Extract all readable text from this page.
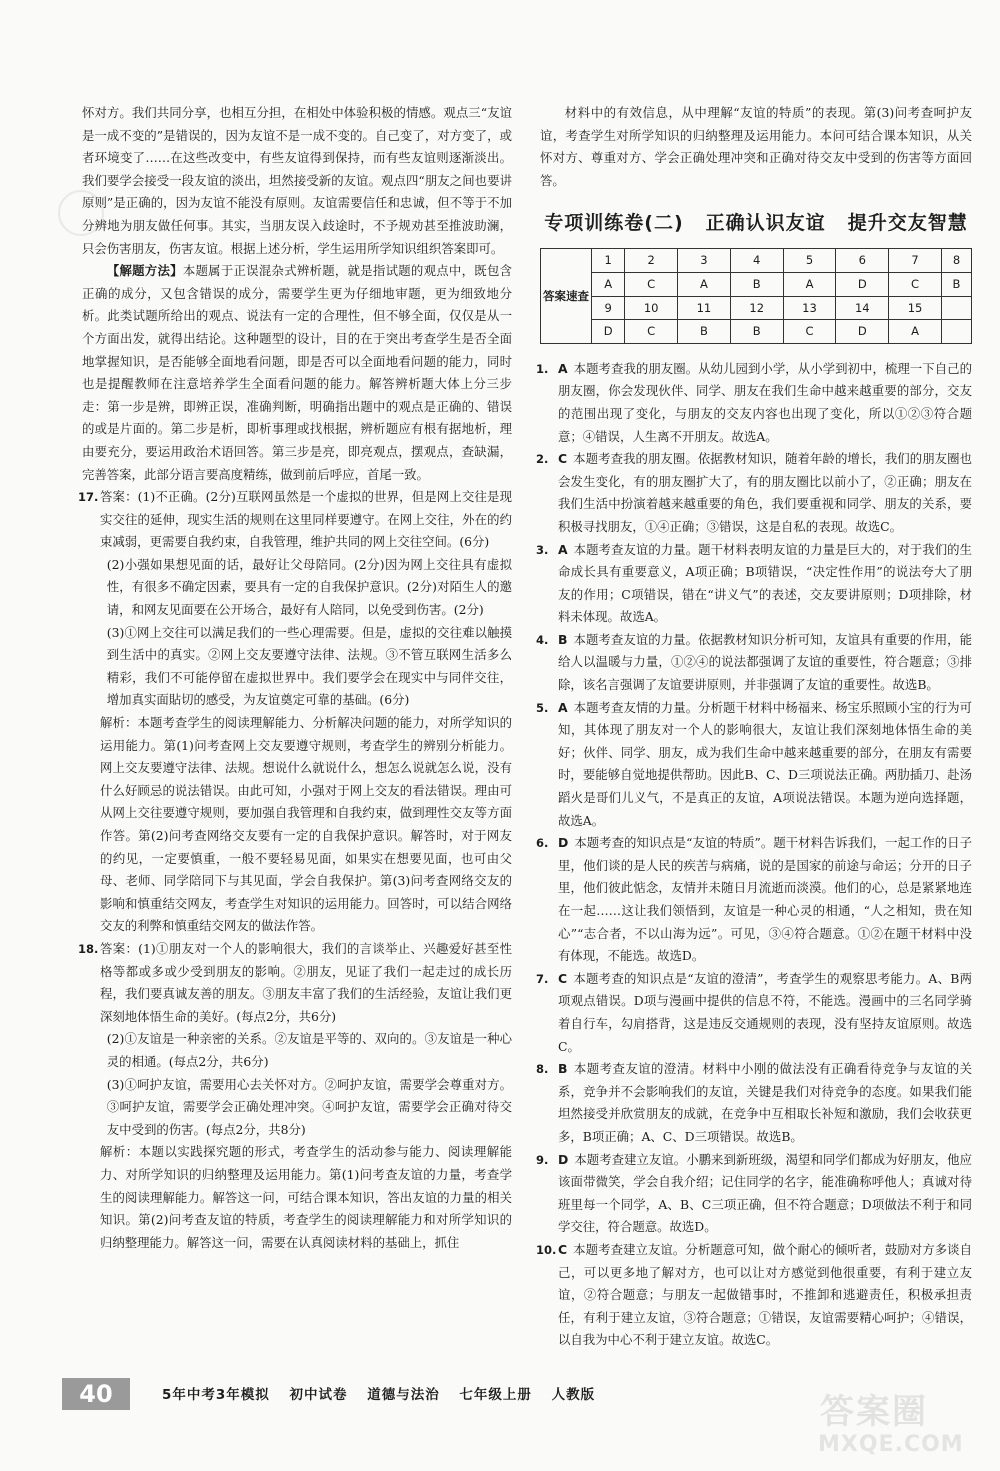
怀对方。我们共同分享，也相互分担，在相处中体验积极的情感。观点三“友谊是一成不变的”是错误的，因为友谊不是一成不变的。自己变了，对方变了，或者环境变了……在这些改变中，有些友谊得到保持，而有些友谊则逐渐淡出。我们要学会接受一段友谊的淡出，坦然接受新的友谊。观点四“朋友之间也要讲原则”是正确的，因为友谊不能没有原则。友谊需要信任和忠诚，但不等于不加分辨地为朋友做任何事。其实，当朋友误入歧途时，不予规劝甚至推波助澜，只会伤害朋友，伤害友谊。根据上述分析，学生运用所学知识组织答案即可。

【解题方法】本题属于正误混杂式辨析题，就是指试题的观点中，既包含正确的成分，又包含错误的成分，需要学生更为仔细地审题，更为细致地分析。此类试题所给出的观点、说法有一定的合理性，但不够全面，仅仅是从一个方面出发，就得出结论。这种题型的设计，目的在于突出考查学生是否全面地掌握知识，是否能够全面地看问题，即是否可以全面地看问题的能力，同时也是提醒教师在注意培养学生全面看问题的能力。解答辨析题大体上分三步走：第一步是辨，即辨正误，准确判断，明确指出题中的观点是正确的、错误的或是片面的。第二步是析，即析事理或找根据，辨析题应有根有据地析，理由要充分，要运用政治术语回答。第三步是亮，即亮观点，摆观点，查缺漏，完善答案，此部分语言要高度精练，做到前后呼应，首尾一致。

17. 答案：(1)不正确。(2分)互联网虽然是一个虚拟的世界，但是网上交往是现实交往的延伸，现实生活的规则在这里同样要遵守。在网上交往，外在的约束减弱，更需要自我约束，自我管理，维护共同的网上交往空间。(6分)

(2)小强如果想见面的话，最好让父母陪同。(2分)因为网上交往具有虚拟性，有很多不确定因素，要具有一定的自我保护意识。(2分)对陌生人的邀请，和网友见面要在公开场合，最好有人陪同，以免受到伤害。(2分)

(3)①网上交往可以满足我们的一些心理需要。但是，虚拟的交往难以触摸到生活中的真实。②网上交友要遵守法律、法规。③不管互联网生活多么精彩，我们不可能停留在虚拟世界中。我们要学会在现实中与同伴交往，增加真实面貼切的感受，为友谊奠定可靠的基础。(6分)

解析：本题考查学生的阅读理解能力、分析解决问题的能力，对所学知识的运用能力。第(1)问考查网上交友要遵守规则，考查学生的辨别分析能力。网上交友要遵守法律、法规。想说什么就说什么，想怎么说就怎么说，没有什么好顾忌的说法错误。由此可知，小强对于网上交友的看法错误。理由可从网上交往要遵守规则，要加强自我管理和自我约束，做到理性交友等方面作答。第(2)问考查网络交友要有一定的自我保护意识。解答时，对于网友的约见，一定要慎重，一般不要轻易见面，如果实在想要见面，也可由父母、老师、同学陪同下与其见面，学会自我保护。第(3)问考查网络交友的影响和慎重结交网友，考查学生对知识的运用能力。回答时，可以结合网络交友的利弊和慎重结交网友的做法作答。

18. 答案：(1)①朋友对一个人的影响很大，我们的言谈举止、兴趣爱好甚至性格等都或多或少受到朋友的影响。②朋友，见证了我们一起走过的成长历程，我们要真诚友善的朋友。③朋友丰富了我们的生活经验，友谊让我们更深刻地体悟生命的美好。(每点2分，共6分)

(2)①友谊是一种亲密的关系。②友谊是平等的、双向的。③友谊是一种心灵的相通。(每点2分，共6分)

(3)①呵护友谊，需要用心去关怀对方。②呵护友谊，需要学会尊重对方。③呵护友谊，需要学会正确处理冲突。④呵护友谊，需要学会正确对待交友中受到的伤害。(每点2分，共8分)

解析：本题以实践探究题的形式，考查学生的活动参与能力、阅读理解能力、对所学知识的归纳整理及运用能力。第(1)问考查友谊的力量，考查学生的阅读理解能力。解答这一问，可结合课本知识，答出友谊的力量的相关知识。第(2)问考查友谊的特质，考查学生的阅读理解能力和对所学知识的归纳整理能力。解答这一问，需要在认真阅读材料的基础上，抓住

材料中的有效信息，从中理解“友谊的特质”的表现。第(3)问考查呵护友谊，考查学生对所学知识的归纳整理及运用能力。本问可结合课本知识，从关怀对方、尊重对方、学会正确处理冲突和正确对待交友中受到的伤害等方面回答。

专项训练卷(二) 正确认识友谊 提升交友智慧
答案速查	1	2	3	4	5	6	7	8
	A	C	A	B	A	D	C	B
	9	10	11	12	13	14	15	
	D	C	B	B	C	D	A	

1. A 本题考查我的朋友圈。从幼儿园到小学，从小学到初中，梳理一下自己的朋友圈，你会发现伙伴、同学、朋友在我们生命中越来越重要的部分，交友的范围出现了变化，与朋友的交友内容也出现了变化，所以①②③符合题意；④错误，人生离不开朋友。故选A。

2. C 本题考查我的朋友圈。依据教材知识，随着年龄的增长，我们的朋友圈也会发生变化，有的朋友圈扩大了，有的朋友圈比以前小了，②正确；朋友在我们生活中扮演着越来越重要的角色，我们要重视和同学、朋友的关系，要积极寻找朋友，①④正确；③错误，这是自私的表现。故选C。

3. A 本题考查友谊的力量。题干材料表明友谊的力量是巨大的，对于我们的生命成长具有重要意义，A项正确；B项错误，“决定性作用”的说法夸大了朋友的作用；C项错误，错在“讲义气”的表述，交友要讲原则；D项排除，材料未体现。故选A。

4. B 本题考查友谊的力量。依据教材知识分析可知，友谊具有重要的作用，能给人以温暖与力量，①②④的说法都强调了友谊的重要性，符合题意；③排除，该名言强调了友谊要讲原则，并非强调了友谊的重要性。故选B。

5. A 本题考查友情的力量。分析题干材料中杨福来、杨宝乐照顾小宝的行为可知，其体现了朋友对一个人的影响很大，友谊让我们深刻地体悟生命的美好；伙伴、同学、朋友，成为我们生命中越来越重要的部分，在朋友有需要时，要能够自觉地提供帮助。因此B、C、D三项说法正确。两肋插刀、赴汤蹈火是哥们儿义气，不是真正的友谊，A项说法错误。本题为逆向选择题，故选A。

6. D 本题考查的知识点是“友谊的特质”。题干材料告诉我们，一起工作的日子里，他们谈的是人民的疾苦与病痛，说的是国家的前途与命运；分开的日子里，他们彼此惦念，友情并未随日月流逝而淡漠。他们的心，总是紧紧地连在一起……这让我们领悟到，友谊是一种心灵的相通，“人之相知，贵在知心”“志合者，不以山海为远”。可见，③④符合题意。①②在题干材料中没有体现，不能选。故选D。

7. C 本题考查的知识点是“友谊的澄清”，考查学生的观察思考能力。A、B两项观点错误。D项与漫画中提供的信息不符，不能选。漫画中的三名同学骑着自行车，勾肩搭背，这是违反交通规则的表现，没有坚持友谊原则。故选C。

8. B 本题考查友谊的澄清。材料中小刚的做法没有正确看待竞争与友谊的关系，竞争并不会影响我们的友谊，关键是我们对待竞争的态度。如果我们能坦然接受并欣赏朋友的成就，在竞争中互相取长补短和激励，我们会收获更多，B项正确；A、C、D三项错误。故选B。

9. D 本题考查建立友谊。小鹏来到新班级，渴望和同学们都成为好朋友，他应该面带微笑，学会自我介绍；记住同学的名字，能准确称呼他人；真诚对待班里每一个同学，A、B、C三项正确，但不符合题意；D项做法不利于和同学交往，符合题意。故选D。

10. C 本题考查建立友谊。分析题意可知，做个耐心的倾听者，鼓励对方多谈自己，可以更多地了解对方，也可以让对方感觉到他很重要，有利于建立友谊，②符合题意；与朋友一起做错事时，不推卸和逃避责任，积极承担责任，有利于建立友谊，③符合题意；①错误，友谊需要精心呵护；④错误，以自我为中心不利于建立友谊。故选C。

40	5年中考3年模拟 初中试卷 道德与法治 七年级上册 人教版	答案圈
MXQE.COM
